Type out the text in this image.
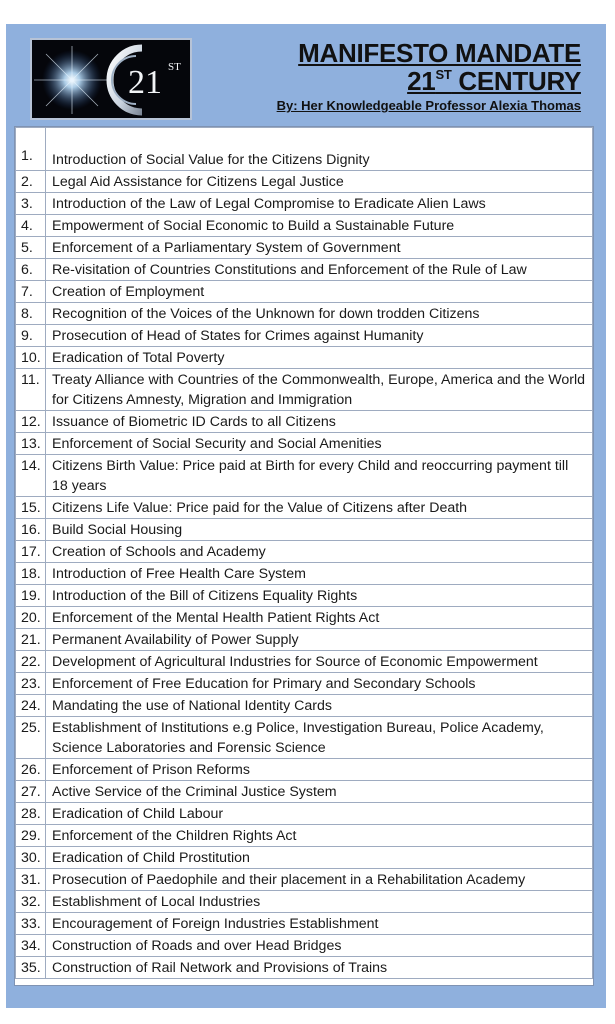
21 ST	MANIFESTO MANDATE
21ST CENTURY
By: Her Knowledgeable Professor Alexia Thomas
1.	Introduction of Social Value for the Citizens Dignity
2.	Legal Aid Assistance for Citizens Legal Justice
3.	Introduction of the Law of Legal Compromise to Eradicate Alien Laws
4.	Empowerment of Social Economic to Build a Sustainable Future
5.	Enforcement of a Parliamentary System of Government
6.	Re-visitation of Countries Constitutions and Enforcement of the Rule of Law
7.	Creation of Employment
8.	Recognition of the Voices of the Unknown for down trodden Citizens
9.	Prosecution of Head of States for Crimes against Humanity
10.	Eradication of Total Poverty
11.	Treaty Alliance with Countries of the Commonwealth, Europe, America and the World for Citizens Amnesty, Migration and Immigration
12.	Issuance of Biometric ID Cards to all Citizens
13.	Enforcement of Social Security and Social Amenities
14.	Citizens Birth Value: Price paid at Birth for every Child and reoccurring payment till 18 years
15.	Citizens Life Value: Price paid for the Value of Citizens after Death
16.	Build Social Housing
17.	Creation of Schools and Academy
18.	Introduction of Free Health Care System
19.	Introduction of the Bill of Citizens Equality Rights
20.	Enforcement of the Mental Health Patient Rights Act
21.	Permanent Availability of Power Supply
22.	Development of Agricultural Industries for Source of Economic Empowerment
23.	Enforcement of Free Education for Primary and Secondary Schools
24.	Mandating the use of National Identity Cards
25.	Establishment of Institutions e.g Police, Investigation Bureau, Police Academy, Science Laboratories and Forensic Science
26.	Enforcement of Prison Reforms
27.	Active Service of the Criminal Justice System
28.	Eradication of Child Labour
29.	Enforcement of the Children Rights Act
30.	Eradication of Child Prostitution
31.	Prosecution of Paedophile and their placement in a Rehabilitation Academy
32.	Establishment of Local Industries
33.	Encouragement of Foreign Industries Establishment
34.	Construction of Roads and over Head Bridges
35.	Construction of Rail Network and Provisions of Trains
